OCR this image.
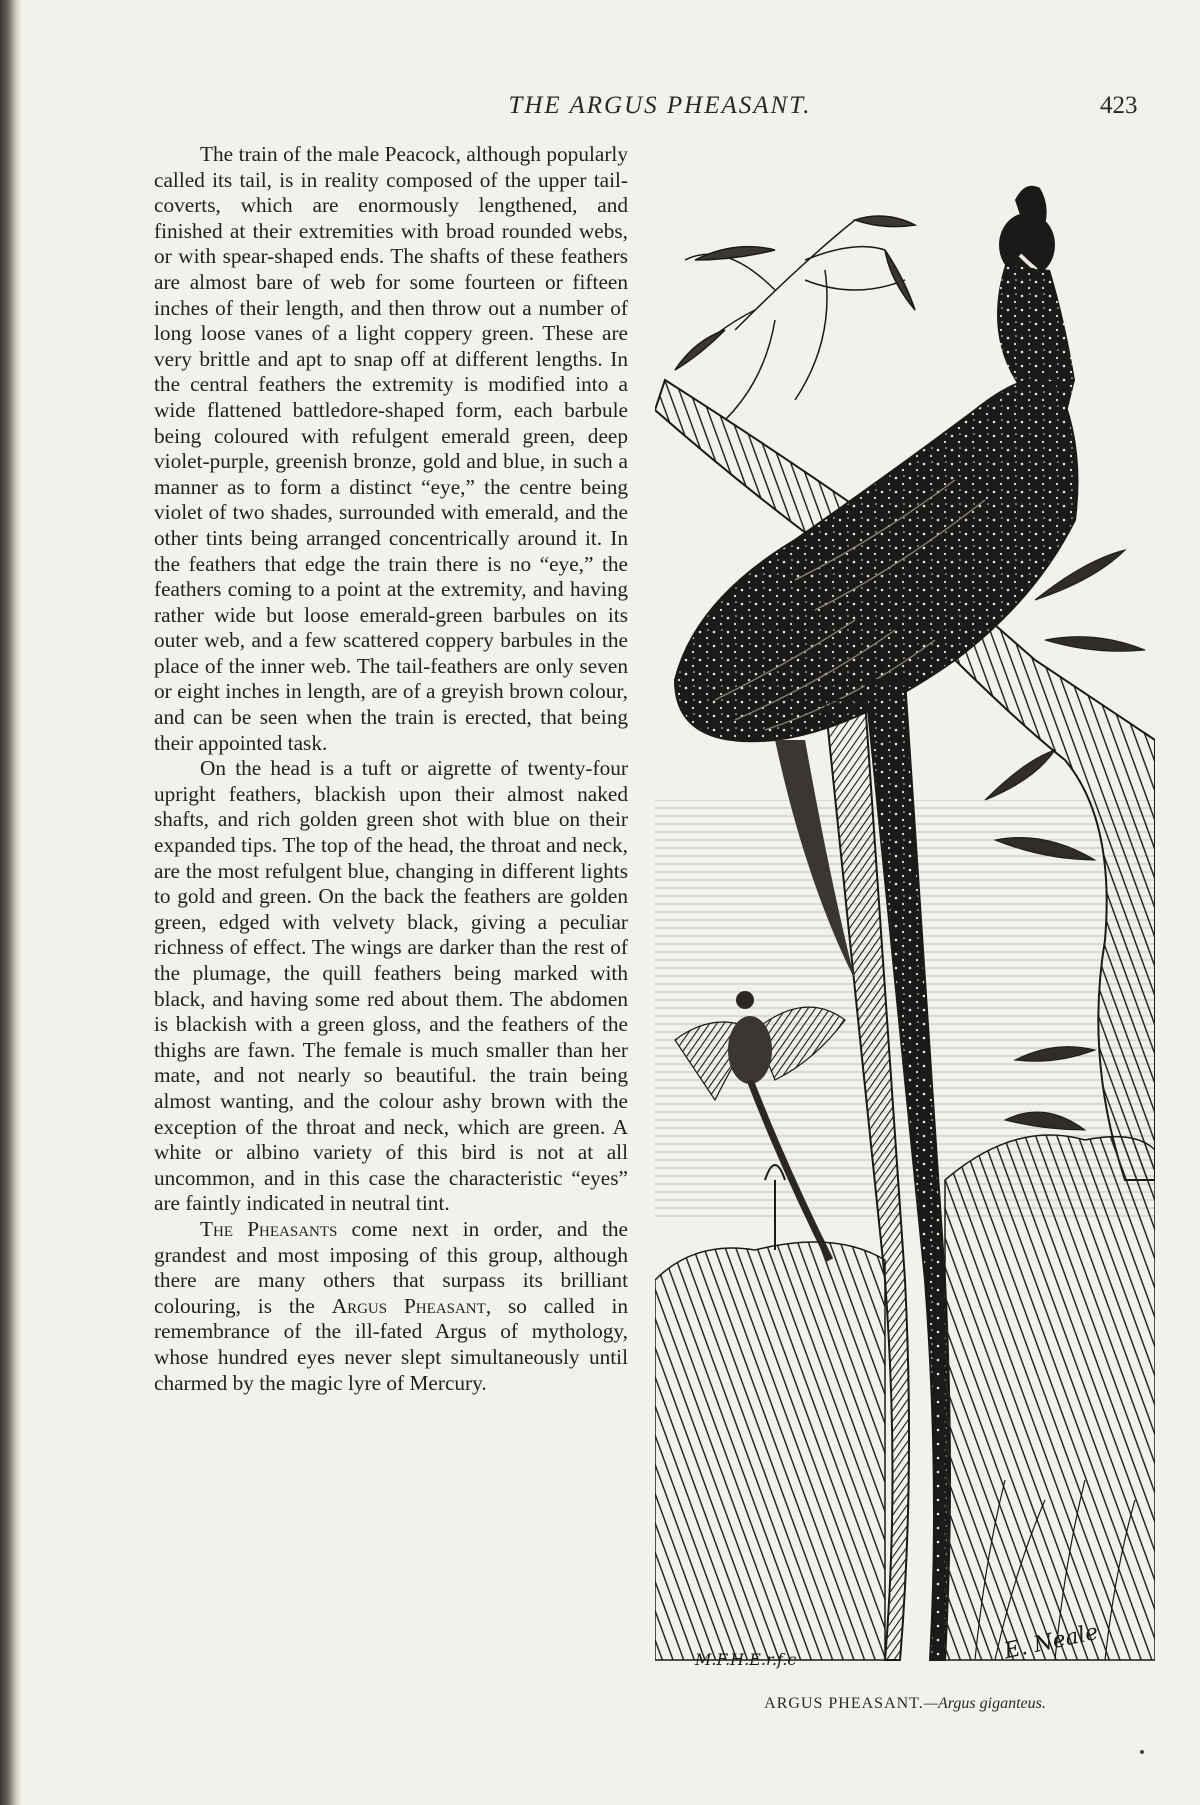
THE ARGUS PHEASANT.	423

The train of the male Peacock, although popularly called its tail, is in reality composed of the upper tail-coverts, which are enormously lengthened, and finished at their extremities with broad rounded webs, or with spear-shaped ends. The shafts of these feathers are almost bare of web for some fourteen or fifteen inches of their length, and then throw out a number of long loose vanes of a light coppery green. These are very brittle and apt to snap off at different lengths. In the central feathers the extremity is modified into a wide flattened battledore-shaped form, each barbule being coloured with refulgent emerald green, deep violet-purple, greenish bronze, gold and blue, in such a manner as to form a distinct “eye,” the centre being violet of two shades, surrounded with emerald, and the other tints being arranged concentrically around it. In the feathers that edge the train there is no “eye,” the feathers coming to a point at the extremity, and having rather wide but loose emerald-green barbules on its outer web, and a few scattered coppery barbules in the place of the inner web. The tail-feathers are only seven or eight inches in length, are of a greyish brown colour, and can be seen when the train is erected, that being their appointed task.

On the head is a tuft or aigrette of twenty-four upright feathers, blackish upon their almost naked shafts, and rich golden green shot with blue on their expanded tips. The top of the head, the throat and neck, are the most refulgent blue, changing in different lights to gold and green. On the back the feathers are golden green, edged with velvety black, giving a peculiar richness of effect. The wings are darker than the rest of the plumage, the quill feathers being marked with black, and having some red about them. The abdomen is blackish with a green gloss, and the feathers of the thighs are fawn. The female is much smaller than her mate, and not nearly so beautiful. the train being almost wanting, and the colour ashy brown with the exception of the throat and neck, which are green. A white or albino variety of this bird is not at all uncommon, and in this case the characteristic “eyes” are faintly indicated in neutral tint.

The Pheasants come next in order, and the grandest and most imposing of this group, although there are many others that surpass its brilliant colouring, is the Argus Pheasant, so called in remembrance of the ill-fated Argus of mythology, whose hundred eyes never slept simultaneously until charmed by the magic lyre of Mercury.

M.F.H.E.r.f.c	E. Neale
ARGUS PHEASANT.—Argus giganteus.
